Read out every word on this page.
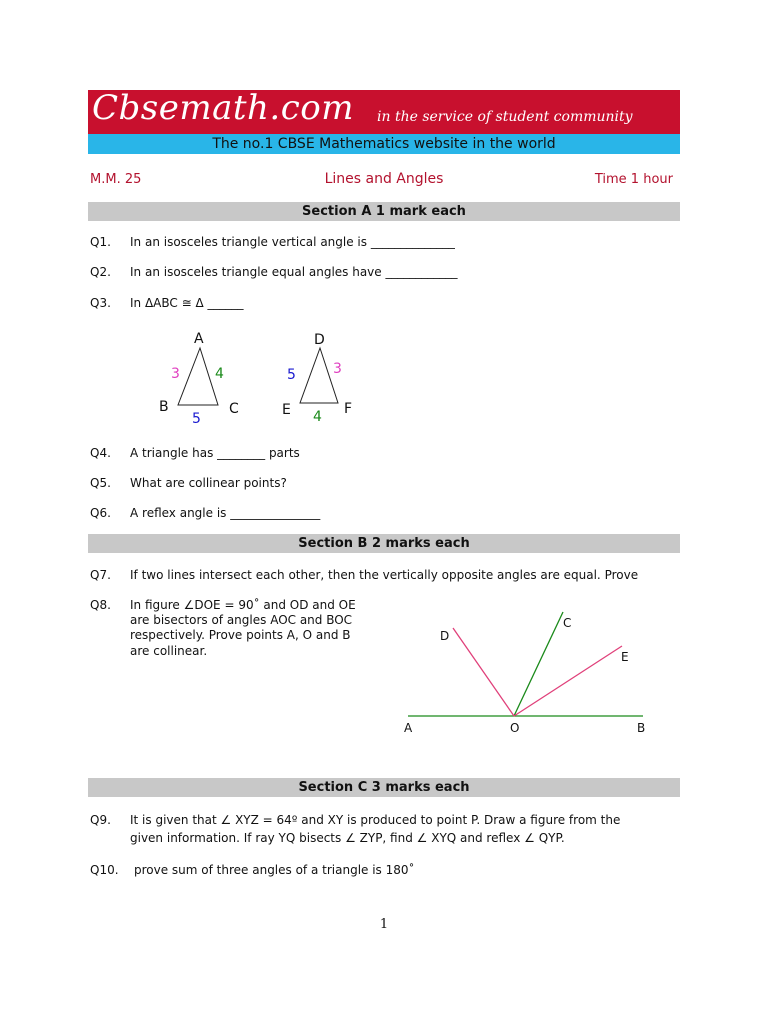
Cbsemath.com in the service of student community
The no.1 CBSE Mathematics website in the world
M.M. 25	Lines and Angles	Time 1 hour
Section A 1 mark each
Q1. In an isosceles triangle vertical angle is ______________
Q2. In an isosceles triangle equal angles have ____________
Q3. In ΔABC ≅ Δ ______
A
B	C
3	4
5
D
E	F
5	3
4
Q4. A triangle has ________ parts
Q5. What are collinear points?
Q6. A reflex angle is _______________
Section B 2 marks each
Q7. If two lines intersect each other, then the vertically opposite angles are equal. Prove
Q8. In figure ∠DOE = 90˚ and OD and OE
are bisectors of angles AOC and BOC
respectively. Prove points A, O and B
are collinear.
A	O	B
C
D
E
Section C 3 marks each
Q9. It is given that ∠ XYZ = 64º and XY is produced to point P. Draw a figure from the
given information. If ray YQ bisects ∠ ZYP, find ∠ XYQ and reflex ∠ QYP.
Q10. prove sum of three angles of a triangle is 180˚
1
